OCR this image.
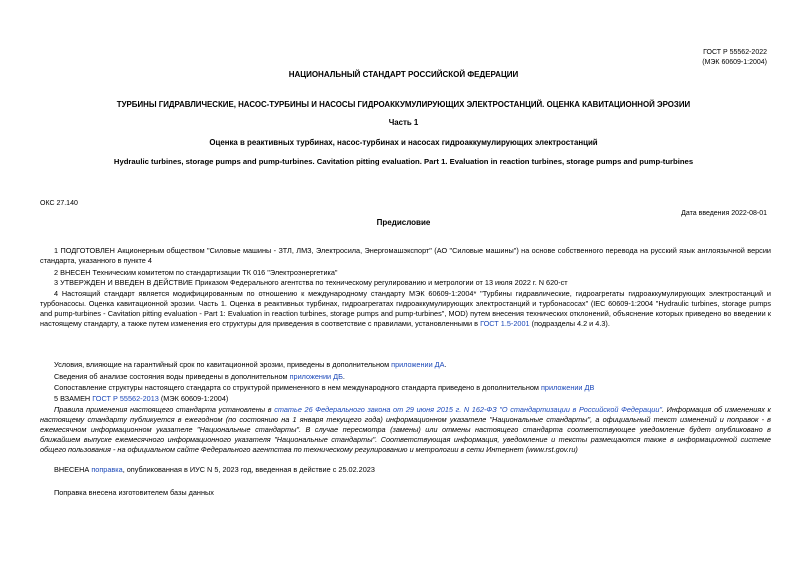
ГОСТ Р 55562-2022
(МЭК 60609-1:2004)
НАЦИОНАЛЬНЫЙ СТАНДАРТ РОССИЙСКОЙ ФЕДЕРАЦИИ
ТУРБИНЫ ГИДРАВЛИЧЕСКИЕ, НАСОС-ТУРБИНЫ И НАСОСЫ ГИДРОАККУМУЛИРУЮЩИХ ЭЛЕКТРОСТАНЦИЙ. ОЦЕНКА КАВИТАЦИОННОЙ ЭРОЗИИ
Часть 1
Оценка в реактивных турбинах, насос-турбинах и насосах гидроаккумулирующих электростанций
Hydraulic turbines, storage pumps and pump-turbines. Cavitation pitting evaluation. Part 1. Evaluation in reaction turbines, storage pumps and pump-turbines
ОКС 27.140
Дата введения 2022-08-01
Предисловие
1 ПОДГОТОВЛЕН Акционерным обществом "Силовые машины - ЗТЛ, ЛМЗ, Электросила, Энергомашэкспорт" (АО "Силовые машины") на основе собственного перевода на русский язык англоязычной версии стандарта, указанного в пункте 4
2 ВНЕСЕН Техническим комитетом по стандартизации ТК 016 "Электроэнергетика"
3 УТВЕРЖДЕН И ВВЕДЕН В ДЕЙСТВИЕ Приказом Федерального агентства по техническому регулированию и метрологии от 13 июля 2022 г. N 620-ст
4 Настоящий стандарт является модифицированным по отношению к международному стандарту МЭК 60609-1:2004* "Турбины гидравлические, гидроагрегаты гидроаккумулирующих электростанций и турбонасосы. Оценка кавитационной эрозии. Часть 1. Оценка в реактивных турбинах, гидроагрегатах гидроаккумулирующих электростанций и турбонасосах" (IEC 60609-1:2004 "Hydraulic turbines, storage pumps and pump-turbines - Cavitation pitting evaluation - Part 1: Evaluation in reaction turbines, storage pumps and pump-turbines", MOD) путем внесения технических отклонений, объяснение которых приведено во введении к настоящему стандарту, а также путем изменения его структуры для приведения в соответствие с правилами, установленными в ГОСТ 1.5-2001 (подразделы 4.2 и 4.3).
Условия, влияющие на гарантийный срок по кавитационной эрозии, приведены в дополнительном приложении ДА.
Сведения об анализе состояния воды приведены в дополнительном приложении ДБ.
Сопоставление структуры настоящего стандарта со структурой примененного в нем международного стандарта приведено в дополнительном приложении ДВ
5 ВЗАМЕН ГОСТ Р 55562-2013 (МЭК 60609-1:2004)
Правила применения настоящего стандарта установлены в статье 26 Федерального закона от 29 июня 2015 г. N 162-ФЗ "О стандартизации в Российской Федерации". Информация об изменениях к настоящему стандарту публикуется в ежегодном (по состоянию на 1 января текущего года) информационном указателе "Национальные стандарты", а официальный текст изменений и поправок - в ежемесячном информационном указателе "Национальные стандарты". В случае пересмотра (замены) или отмены настоящего стандарта соответствующее уведомление будет опубликовано в ближайшем выпуске ежемесячного информационного указателя "Национальные стандарты". Соответствующая информация, уведомление и тексты размещаются также в информационной системе общего пользования - на официальном сайте Федерального агентства по техническому регулированию и метрологии в сети Интернет (www.rst.gov.ru)
ВНЕСЕНА поправка, опубликованная в ИУС N 5, 2023 год, введенная в действие с 25.02.2023
Поправка внесена изготовителем базы данных
